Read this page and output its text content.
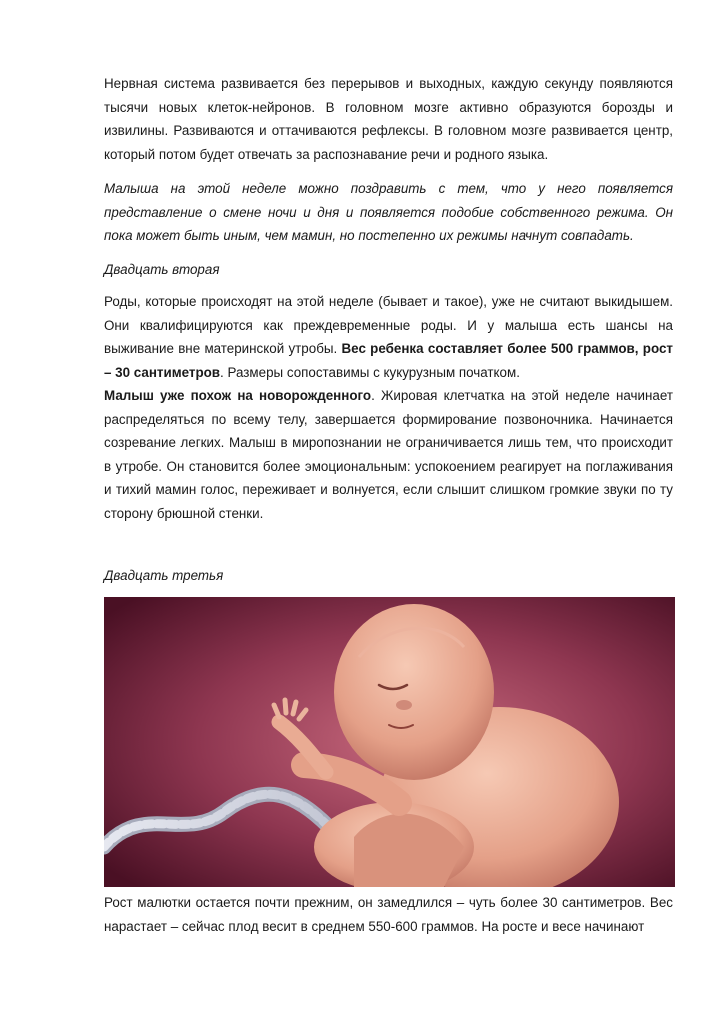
Нервная система развивается без перерывов и выходных, каждую секунду появляются тысячи новых клеток-нейронов. В головном мозге активно образуются борозды и извилины. Развиваются и оттачиваются рефлексы. В головном мозге развивается центр, который потом будет отвечать за распознавание речи и родного языка.

Малыша на этой неделе можно поздравить с тем, что у него появляется представление о смене ночи и дня и появляется подобие собственного режима. Он пока может быть иным, чем мамин, но постепенно их режимы начнут совпадать.

Двадцать вторая

Роды, которые происходят на этой неделе (бывает и такое), уже не считают выкидышем. Они квалифицируются как преждевременные роды. И у малыша есть шансы на выживание вне материнской утробы. Вес ребенка составляет более 500 граммов, рост – 30 сантиметров. Размеры сопоставимы с кукурузным початком.

Малыш уже похож на новорожденного. Жировая клетчатка на этой неделе начинает распределяться по всему телу, завершается формирование позвоночника. Начинается созревание легких. Малыш в миропознании не ограничивается лишь тем, что происходит в утробе. Он становится более эмоциональным: успокоением реагирует на поглаживания и тихий мамин голос, переживает и волнуется, если слышит слишком громкие звуки по ту сторону брюшной стенки.

Двадцать третья

Рост малютки остается почти прежним, он замедлился – чуть более 30 сантиметров. Вес нарастает – сейчас плод весит в среднем 550-600 граммов. На росте и весе начинают
